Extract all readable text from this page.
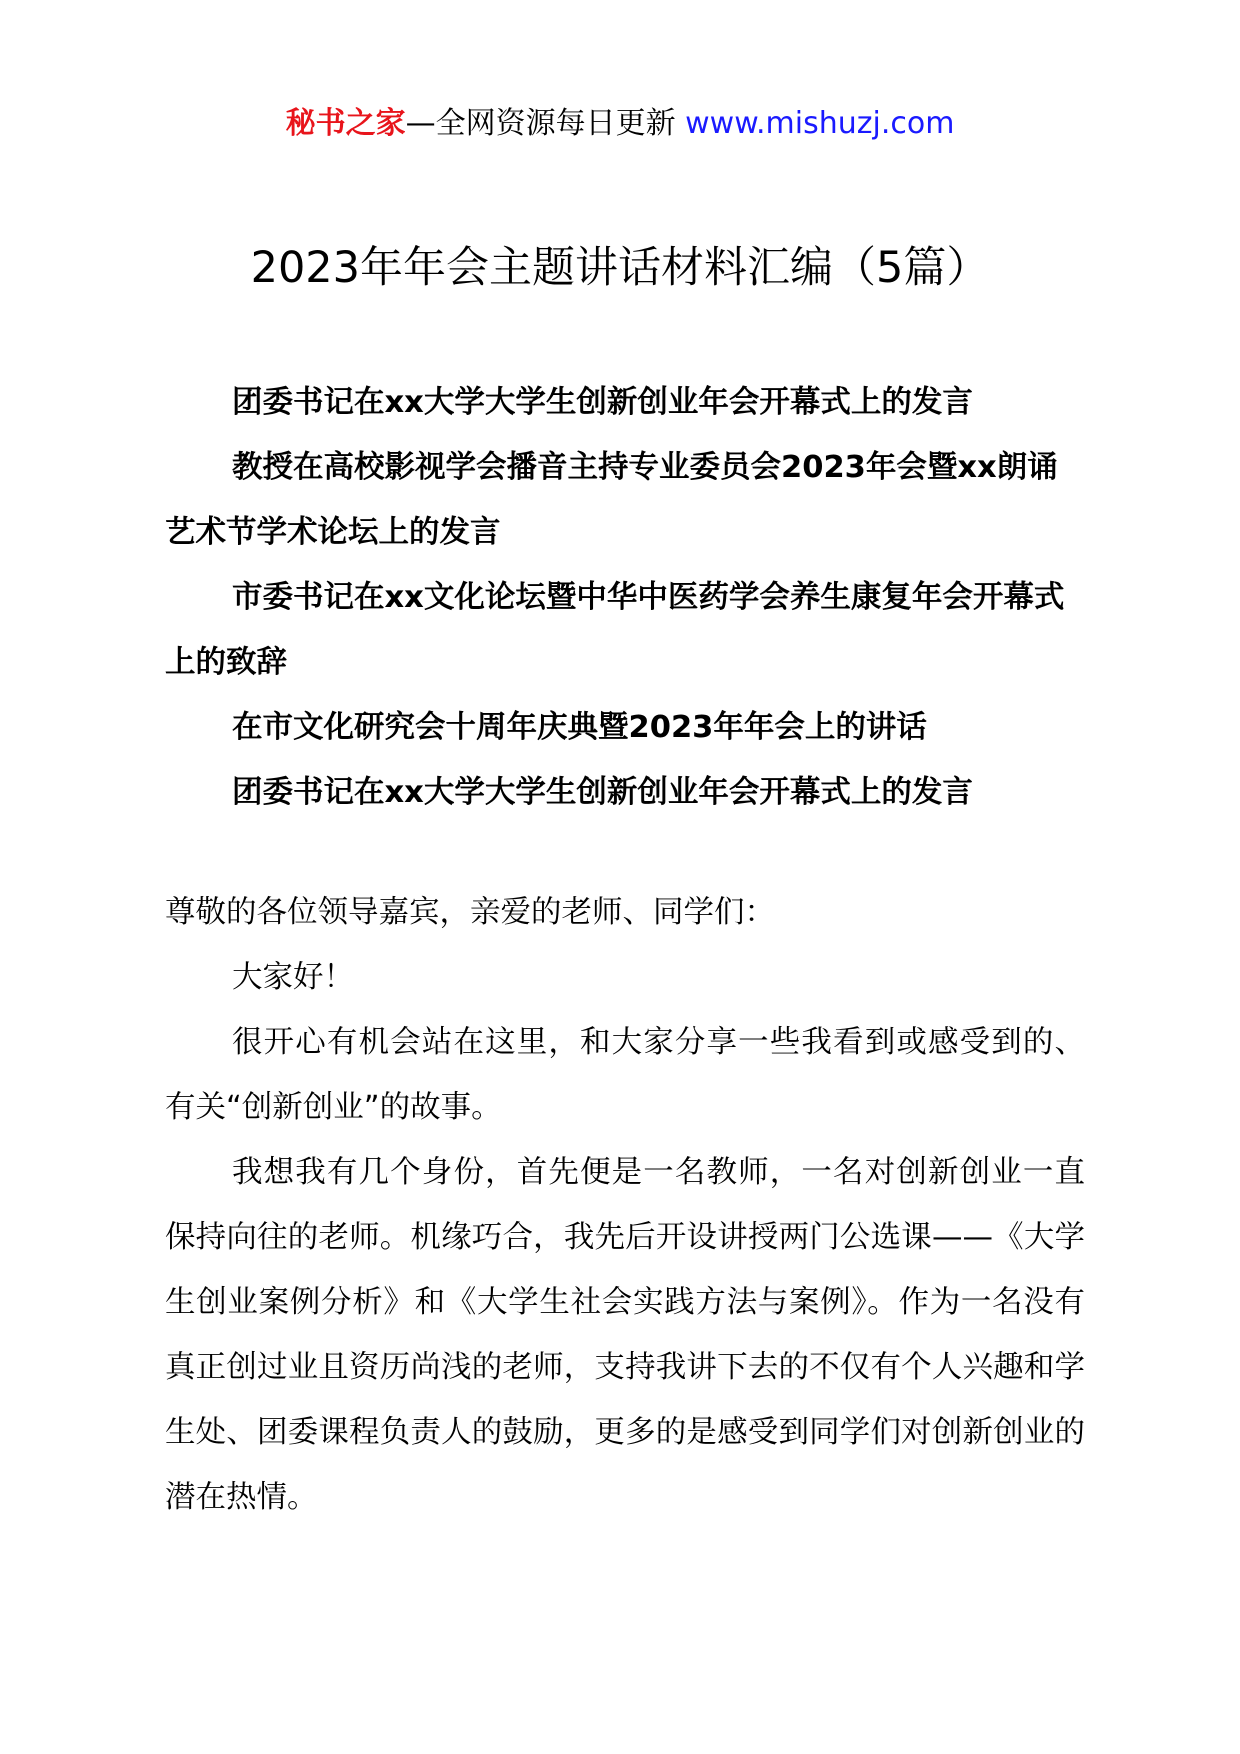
秘书之家—全网资源每日更新 www.mishuzj.com
2023年年会主题讲话材料汇编（5篇）
团委书记在xx大学大学生创新创业年会开幕式上的发言
教授在高校影视学会播音主持专业委员会2023年会暨xx朗诵艺术节学术论坛上的发言
市委书记在xx文化论坛暨中华中医药学会养生康复年会开幕式上的致辞
在市文化研究会十周年庆典暨2023年年会上的讲话
团委书记在xx大学大学生创新创业年会开幕式上的发言

尊敬的各位领导嘉宾，亲爱的老师、同学们：

大家好！

很开心有机会站在这里，和大家分享一些我看到或感受到的、有关“创新创业”的故事。

我想我有几个身份，首先便是一名教师，一名对创新创业一直保持向往的老师。机缘巧合，我先后开设讲授两门公选课——《大学生创业案例分析》和《大学生社会实践方法与案例》。作为一名没有真正创过业且资历尚浅的老师，支持我讲下去的不仅有个人兴趣和学生处、团委课程负责人的鼓励，更多的是感受到同学们对创新创业的潜在热情。
